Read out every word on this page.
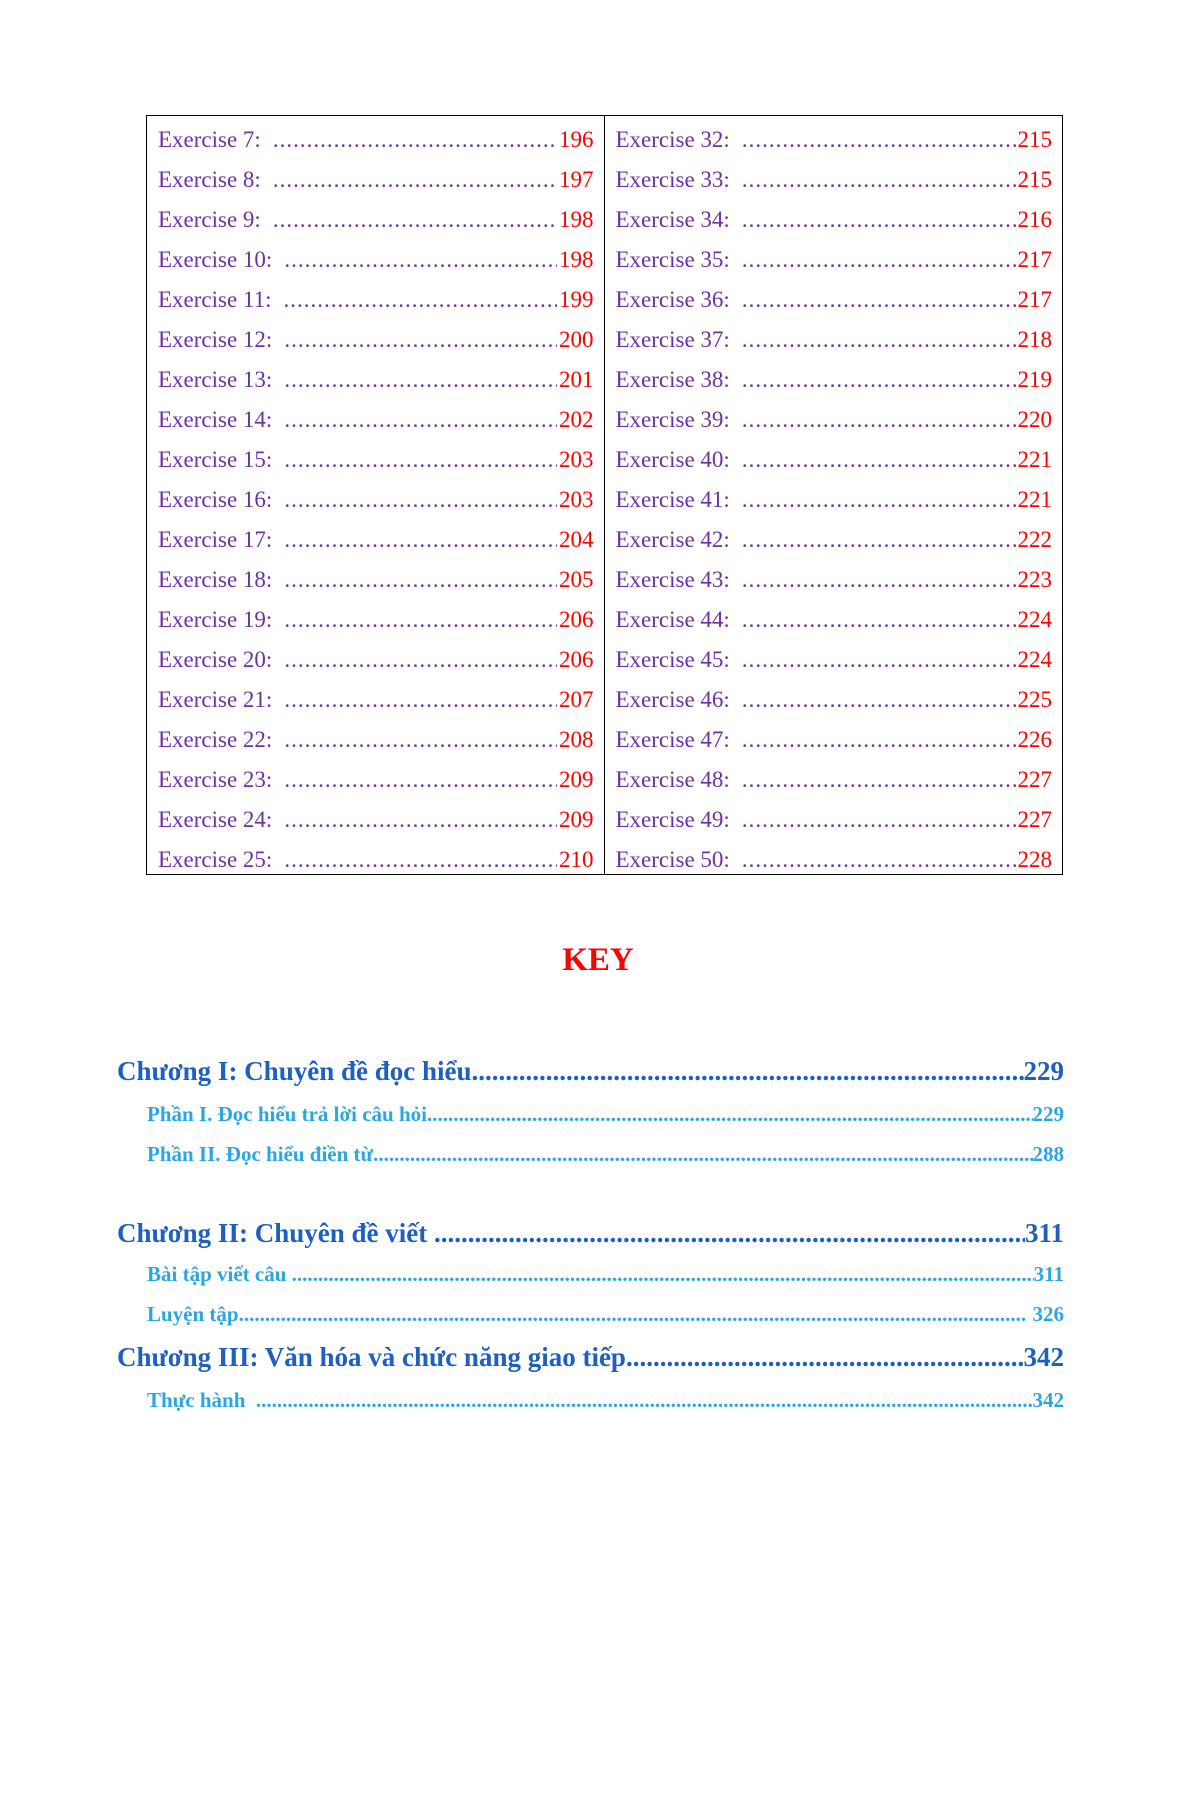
Exercise 7: .....	196
Exercise 8: .....	197
Exercise 9: .....	198
Exercise 10: .....	198
Exercise 11: .....	199
Exercise 12: .....	200
Exercise 13: .....	201
Exercise 14: .....	202
Exercise 15: .....	203
Exercise 16: .....	203
Exercise 17: .....	204
Exercise 18: .....	205
Exercise 19: .....	206
Exercise 20: .....	206
Exercise 21: .....	207
Exercise 22: .....	208
Exercise 23: .....	209
Exercise 24: .....	209
Exercise 25: .....	210
Exercise 32: .....	215
Exercise 33: .....	215
Exercise 34: .....	216
Exercise 35: .....	217
Exercise 36: .....	217
Exercise 37: .....	218
Exercise 38: .....	219
Exercise 39: .....	220
Exercise 40: .....	221
Exercise 41: .....	221
Exercise 42: .....	222
Exercise 43: .....	223
Exercise 44: .....	224
Exercise 45: .....	224
Exercise 46: .....	225
Exercise 47: .....	226
Exercise 48: .....	227
Exercise 49: .....	227
Exercise 50: .....	228
KEY
Chương I: Chuyên đề đọc hiểu .....	229
Phần I. Đọc hiểu trả lời câu hỏi .....	229
Phần II. Đọc hiểu điền từ .....	288
Chương II: Chuyên đề viết .....	311
Bài tập viết câu .....	311
Luyện tập .....	326
Chương III: Văn hóa và chức năng giao tiếp .....	342
Thực hành .....	342
